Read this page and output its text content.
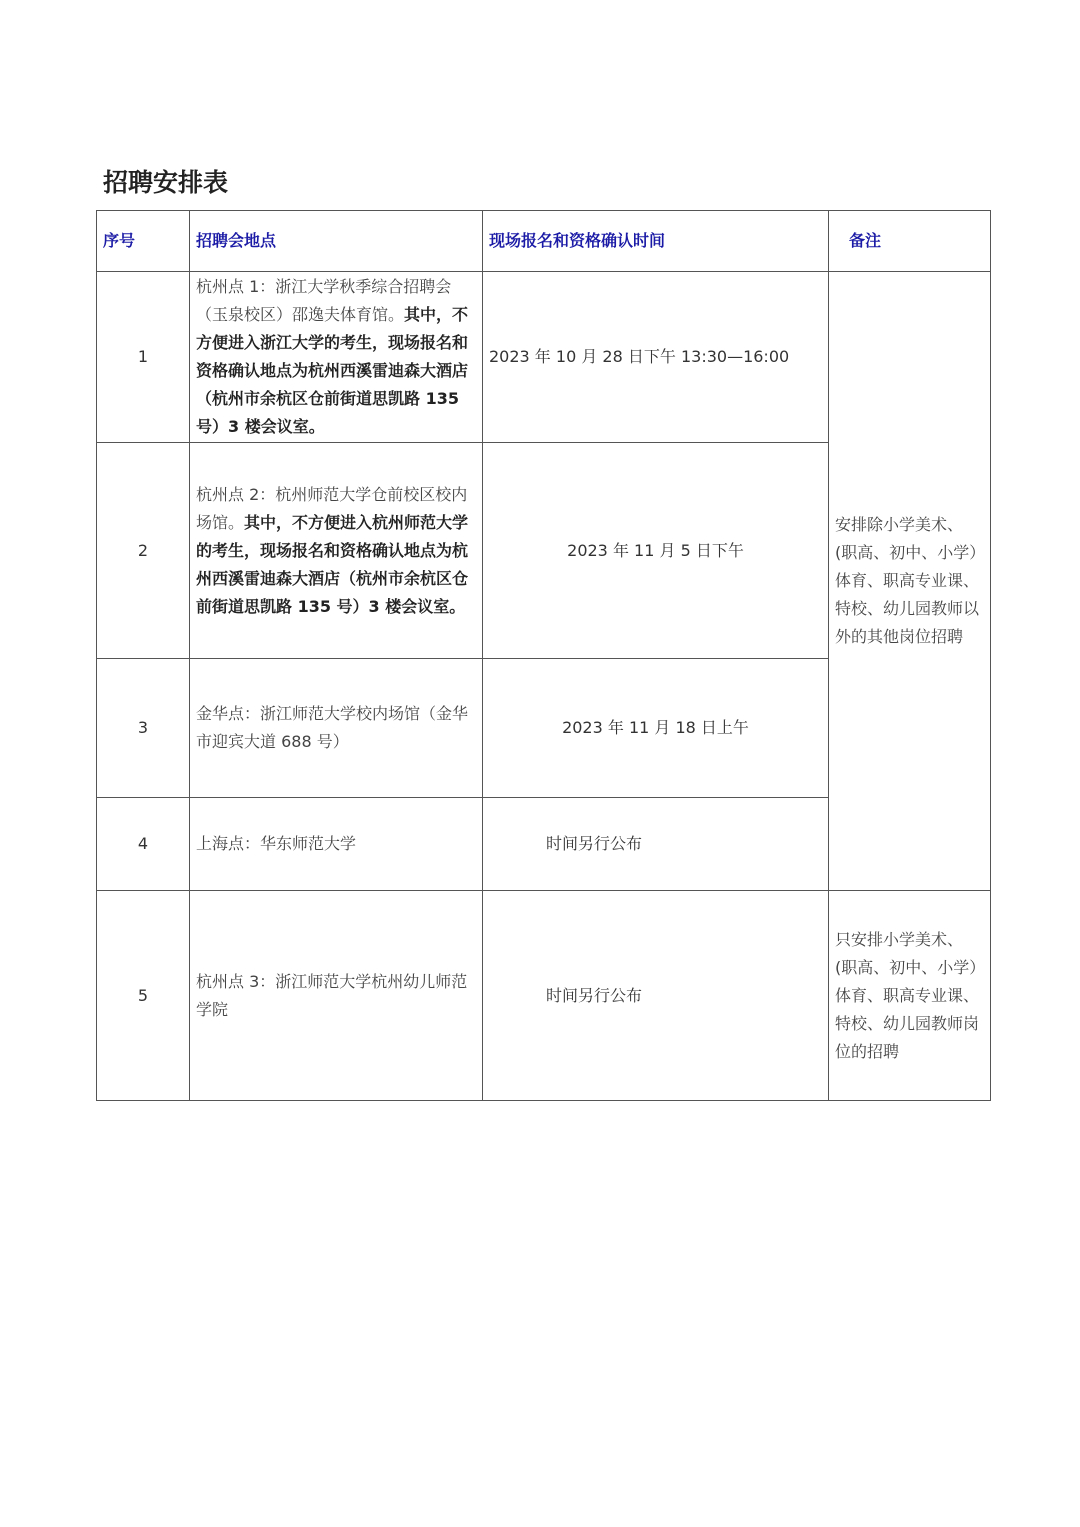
招聘安排表
序号	招聘会地点	现场报名和资格确认时间	备注
1	杭州点 1：浙江大学秋季综合招聘会（玉泉校区）邵逸夫体育馆。其中，不方便进入浙江大学的考生，现场报名和资格确认地点为杭州西溪雷迪森大酒店（杭州市余杭区仓前街道思凯路 135 号）3 楼会议室。	2023 年 10 月 28 日下午 13:30—16:00	安排除小学美术、(职高、初中、小学）体育、职高专业课、特校、幼儿园教师以外的其他岗位招聘
2	杭州点 2：杭州师范大学仓前校区校内场馆。其中，不方便进入杭州师范大学的考生，现场报名和资格确认地点为杭州西溪雷迪森大酒店（杭州市余杭区仓前街道思凯路 135 号）3 楼会议室。	2023 年 11 月 5 日下午	
3	金华点：浙江师范大学校内场馆（金华市迎宾大道 688 号）	2023 年 11 月 18 日上午	
4	上海点：华东师范大学	时间另行公布	
5	杭州点 3：浙江师范大学杭州幼儿师范学院	时间另行公布	只安排小学美术、(职高、初中、小学）体育、职高专业课、特校、幼儿园教师岗位的招聘
